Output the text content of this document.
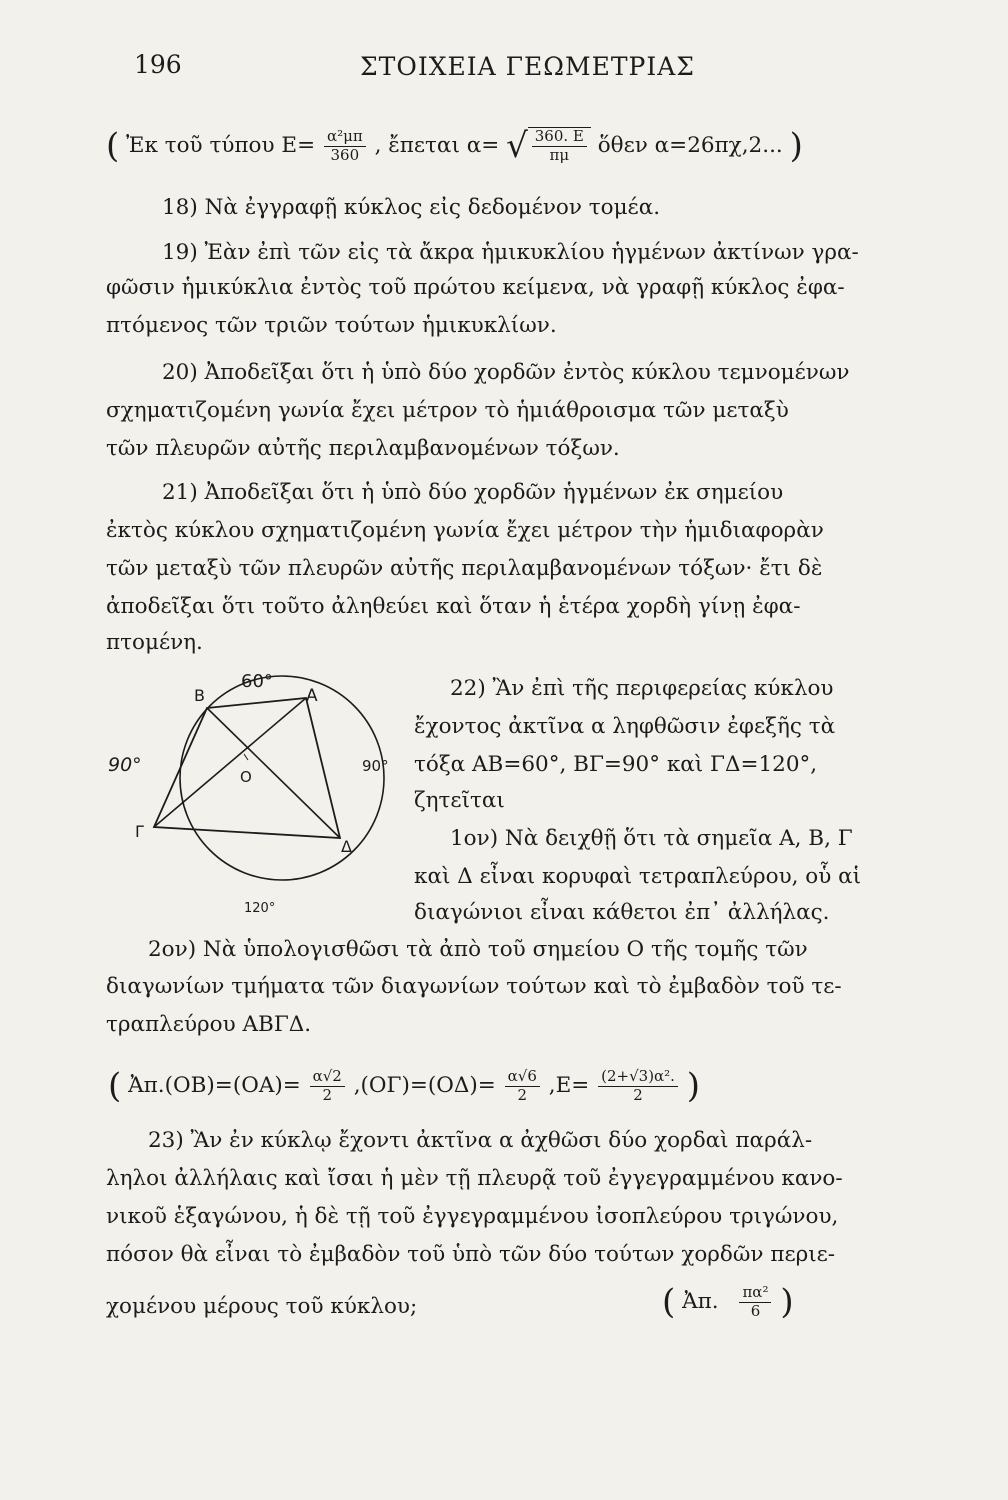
196	ΣΤΟΙΧΕΙΑ ΓΕΩΜΕΤΡΙΑΣ
( Ἐκ τοῦ τύπου $E= \frac{\text{α²μπ}}{360}$ , ἔπεται α= √ $\frac{360. E}{\pi\mu}$ ὅθεν α=26πχ,2... )
18) Νὰ ἐγγραφῇ κύκλος εἰς δεδομένον τομέα.
19) Ἐὰν ἐπὶ τῶν εἰς τὰ ἄκρα ἡμικυκλίου ἡγμένων ἀκτίνων γρα-
φῶσιν ἡμικύκλια ἐντὸς τοῦ πρώτου κείμενα, νὰ γραφῇ κύκλος ἐφα-
πτόμενος τῶν τριῶν τούτων ἡμικυκλίων.
20) Ἀποδεῖξαι ὅτι ἡ ὑπὸ δύο χορδῶν ἐντὸς κύκλου τεμνομένων
σχηματιζομένη γωνία ἔχει μέτρον τὸ ἡμιάθροισμα τῶν μεταξὺ
τῶν πλευρῶν αὐτῆς περιλαμβανομένων τόξων.
21) Ἀποδεῖξαι ὅτι ἡ ὑπὸ δύο χορδῶν ἡγμένων ἐκ σημείου
ἐκτὸς κύκλου σχηματιζομένη γωνία ἔχει μέτρον τὴν ἡμιδιαφορὰν
τῶν μεταξὺ τῶν πλευρῶν αὐτῆς περιλαμβανομένων τόξων· ἔτι δὲ
ἀποδεῖξαι ὅτι τοῦτο ἀληθεύει καὶ ὅταν ἡ ἑτέρα χορδὴ γίνῃ ἐφα-
πτομένη.
60°
B	A
90°	90°
O
Γ
Δ
120°
22) Ἂν ἐπὶ τῆς περιφερείας κύκλου
ἔχοντος ἀκτῖνα α ληφθῶσιν ἐφεξῆς τὰ
τόξα AB=60°, BΓ=90° καὶ ΓΔ=120°,
ζητεῖται
1ον) Νὰ δειχθῇ ὅτι τὰ σημεῖα A, B, Γ
καὶ Δ εἶναι κορυφαὶ τετραπλεύρου, οὗ αἱ
διαγώνιοι εἶναι κάθετοι ἐπ᾽ ἀλλήλας.
2ον) Νὰ ὑπολογισθῶσι τὰ ἀπὸ τοῦ σημείου O τῆς τομῆς τῶν
διαγωνίων τμήματα τῶν διαγωνίων τούτων καὶ τὸ ἐμβαδὸν τοῦ τε-
τραπλεύρου ABΓΔ.
( Ἀπ.(OB)=(OA)= $\frac{\alpha√2}{2} ,(O\Gamma)=(O\Delta)= \frac{\alpha√6}{2} ,E= \frac{\text{(2+√3)α².}}{2}$ )
23) Ἂν ἐν κύκλῳ ἔχοντι ἀκτῖνα α ἀχθῶσι δύο χορδαὶ παράλ-
ληλοι ἀλλήλαις καὶ ἴσαι ἡ μὲν τῇ πλευρᾷ τοῦ ἐγγεγραμμένου κανο-
νικοῦ ἑξαγώνου, ἡ δὲ τῇ τοῦ ἐγγεγραμμένου ἰσοπλεύρου τριγώνου,
πόσον θὰ εἶναι τὸ ἐμβαδὸν τοῦ ὑπὸ τῶν δύο τούτων χορδῶν περιε-
χομένου μέρους τοῦ κύκλου;	( Ἀπ. $\frac{\text{πα²}}{6}$ )
